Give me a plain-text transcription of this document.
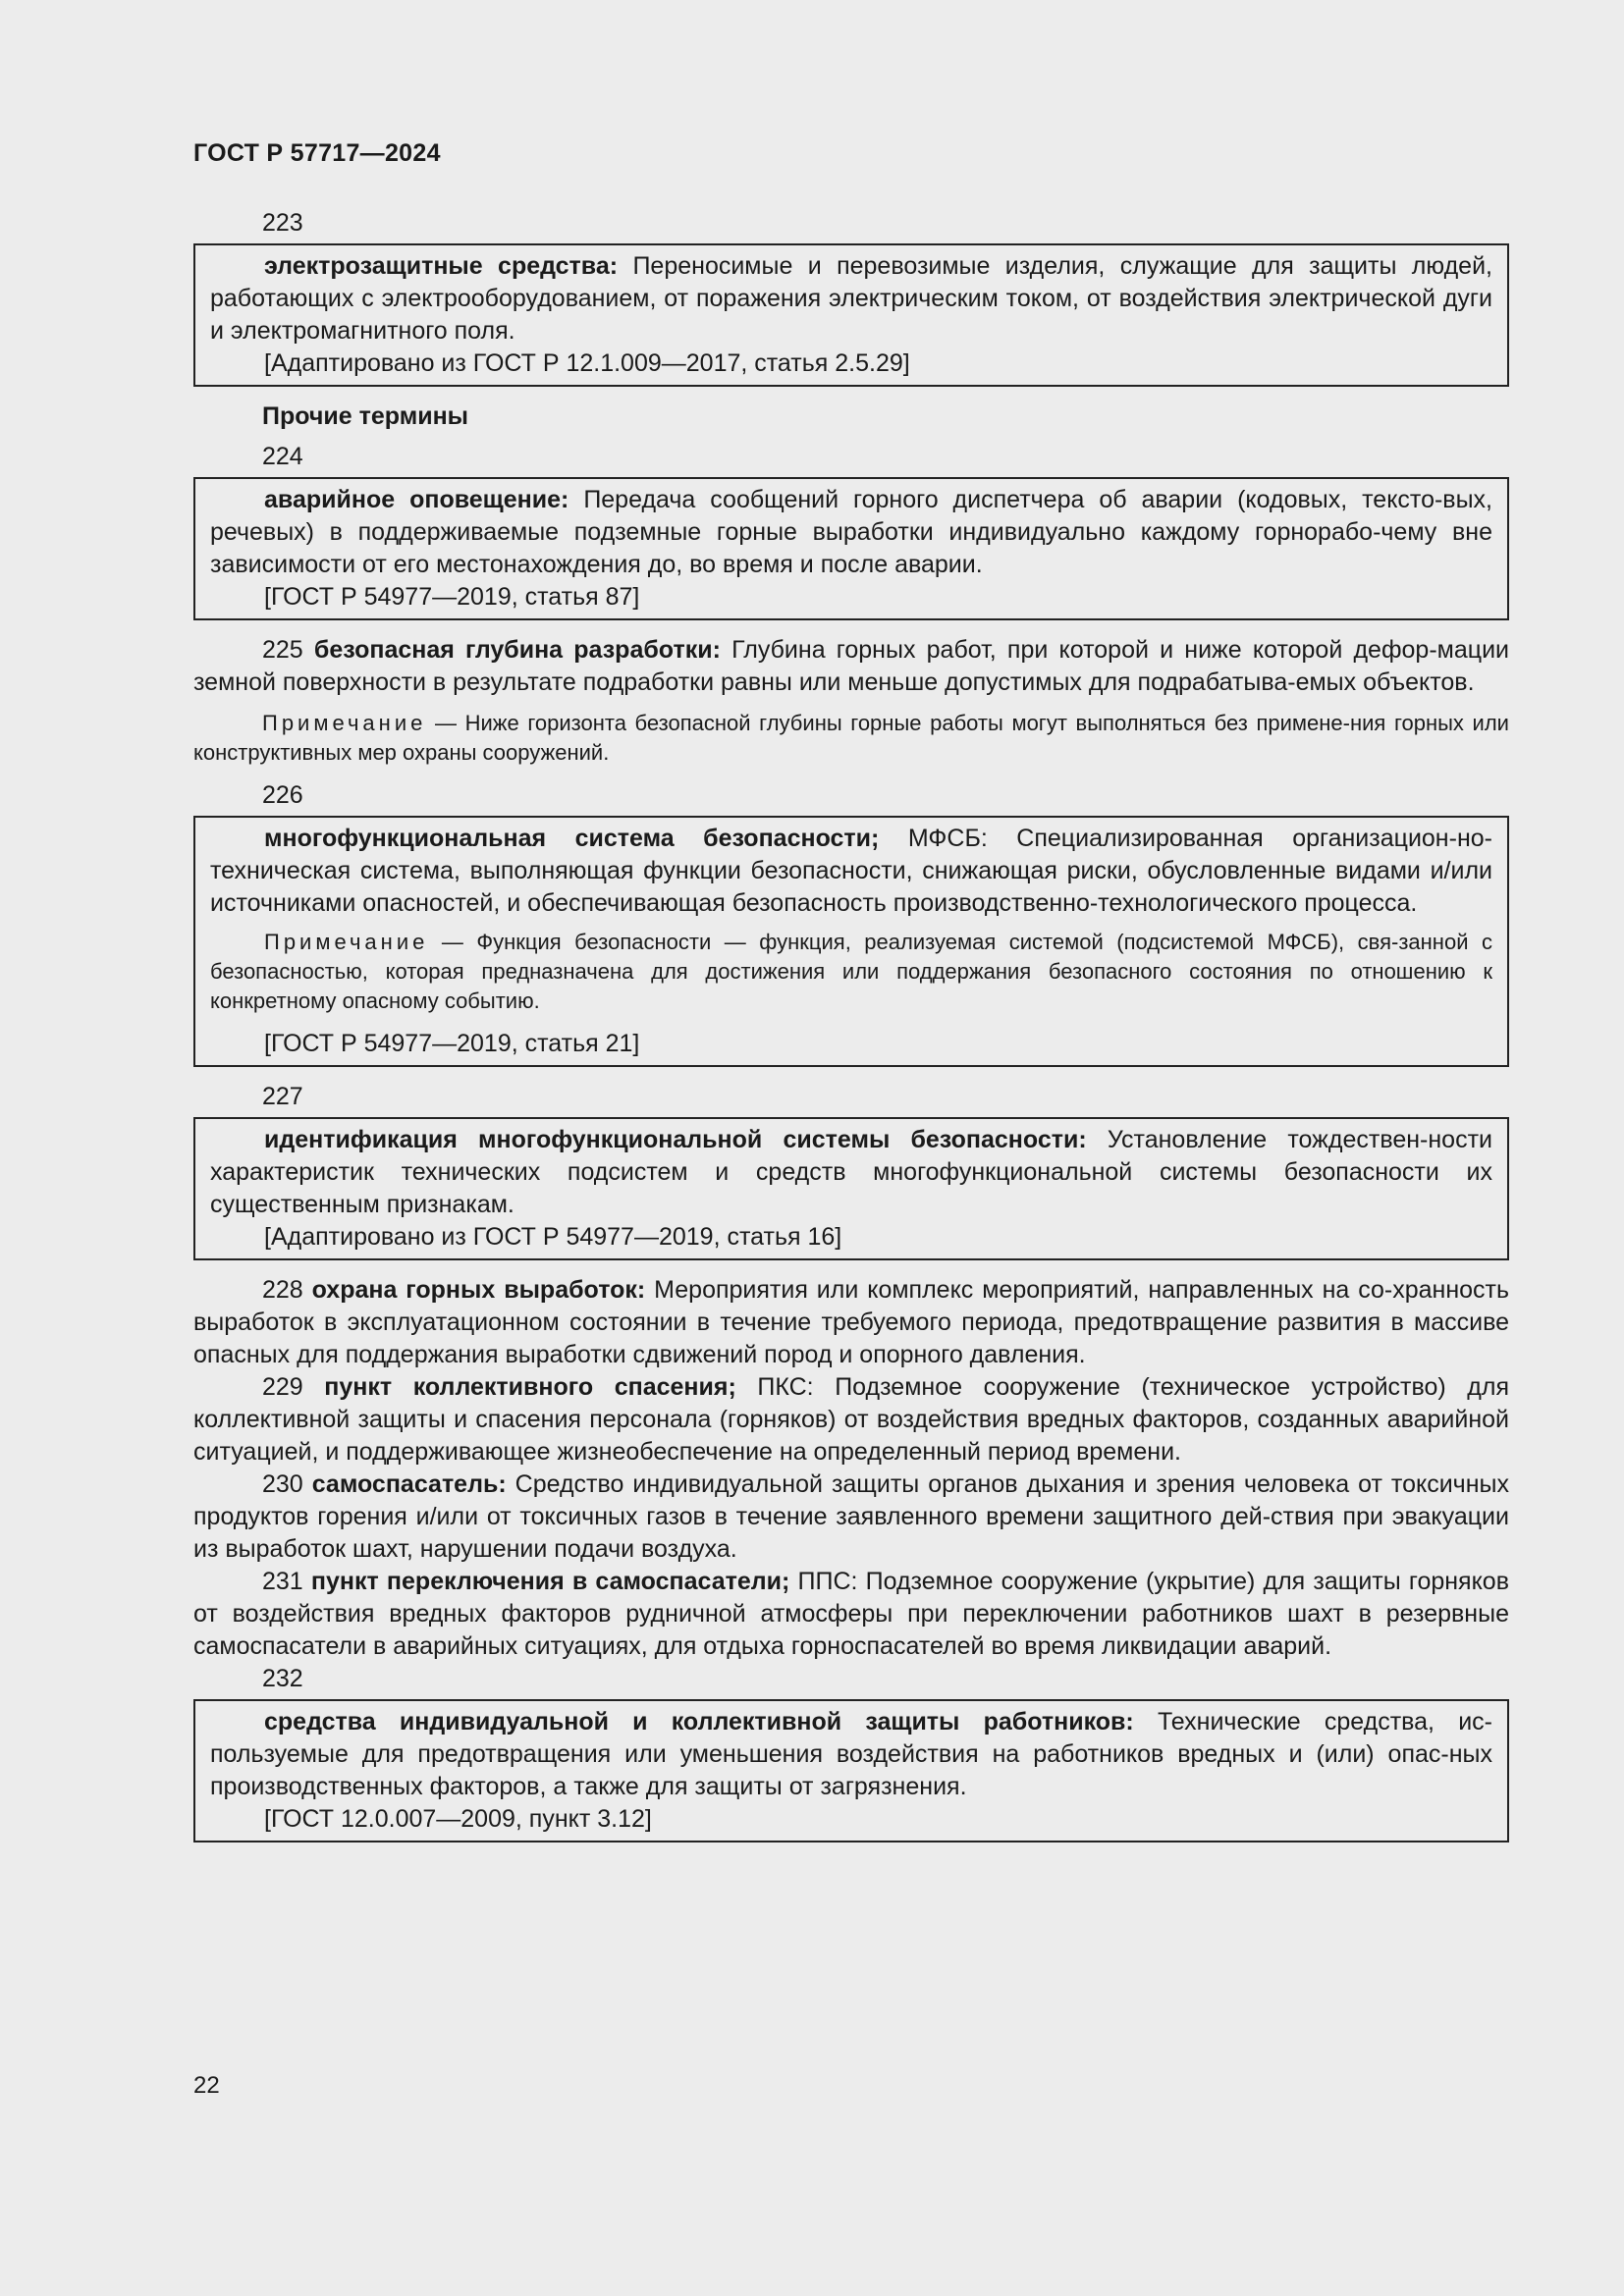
ГОСТ Р 57717—2024
223

электрозащитные средства: Переносимые и перевозимые изделия, служащие для защиты людей, работающих с электрооборудованием, от поражения электрическим током, от воздействия электрической дуги и электромагнитного поля.

[Адаптировано из ГОСТ Р 12.1.009—2017, статья 2.5.29]

Прочие термины
224

аварийное оповещение: Передача сообщений горного диспетчера об аварии (кодовых, тексто-вых, речевых) в поддерживаемые подземные горные выработки индивидуально каждому горнорабо-чему вне зависимости от его местонахождения до, во время и после аварии.

[ГОСТ Р 54977—2019, статья 87]

225 безопасная глубина разработки: Глубина горных работ, при которой и ниже которой дефор-мации земной поверхности в результате подработки равны или меньше допустимых для подрабатыва-емых объектов.

Примечание — Ниже горизонта безопасной глубины горные работы могут выполняться без примене-ния горных или конструктивных мер охраны сооружений.

226

многофункциональная система безопасности; МФСБ: Специализированная организацион-но-техническая система, выполняющая функции безопасности, снижающая риски, обусловленные видами и/или источниками опасностей, и обеспечивающая безопасность производственно-технологического процесса.

Примечание — Функция безопасности — функция, реализуемая системой (подсистемой МФСБ), свя-занной с безопасностью, которая предназначена для достижения или поддержания безопасного состояния по отношению к конкретному опасному событию.

[ГОСТ Р 54977—2019, статья 21]

227

идентификация многофункциональной системы безопасности: Установление тождествен-ности характеристик технических подсистем и средств многофункциональной системы безопасности их существенным признакам.

[Адаптировано из ГОСТ Р 54977—2019, статья 16]

228 охрана горных выработок: Мероприятия или комплекс мероприятий, направленных на со-хранность выработок в эксплуатационном состоянии в течение требуемого периода, предотвращение развития в массиве опасных для поддержания выработки сдвижений пород и опорного давления.

229 пункт коллективного спасения; ПКС: Подземное сооружение (техническое устройство) для коллективной защиты и спасения персонала (горняков) от воздействия вредных факторов, созданных аварийной ситуацией, и поддерживающее жизнеобеспечение на определенный период времени.

230 самоспасатель: Средство индивидуальной защиты органов дыхания и зрения человека от токсичных продуктов горения и/или от токсичных газов в течение заявленного времени защитного дей-ствия при эвакуации из выработок шахт, нарушении подачи воздуха.

231 пункт переключения в самоспасатели; ППС: Подземное сооружение (укрытие) для защиты горняков от воздействия вредных факторов рудничной атмосферы при переключении работников шахт в резервные самоспасатели в аварийных ситуациях, для отдыха горноспасателей во время ликвидации аварий.

232

средства индивидуальной и коллективной защиты работников: Технические средства, ис-пользуемые для предотвращения или уменьшения воздействия на работников вредных и (или) опас-ных производственных факторов, а также для защиты от загрязнения.

[ГОСТ 12.0.007—2009, пункт 3.12]

22
